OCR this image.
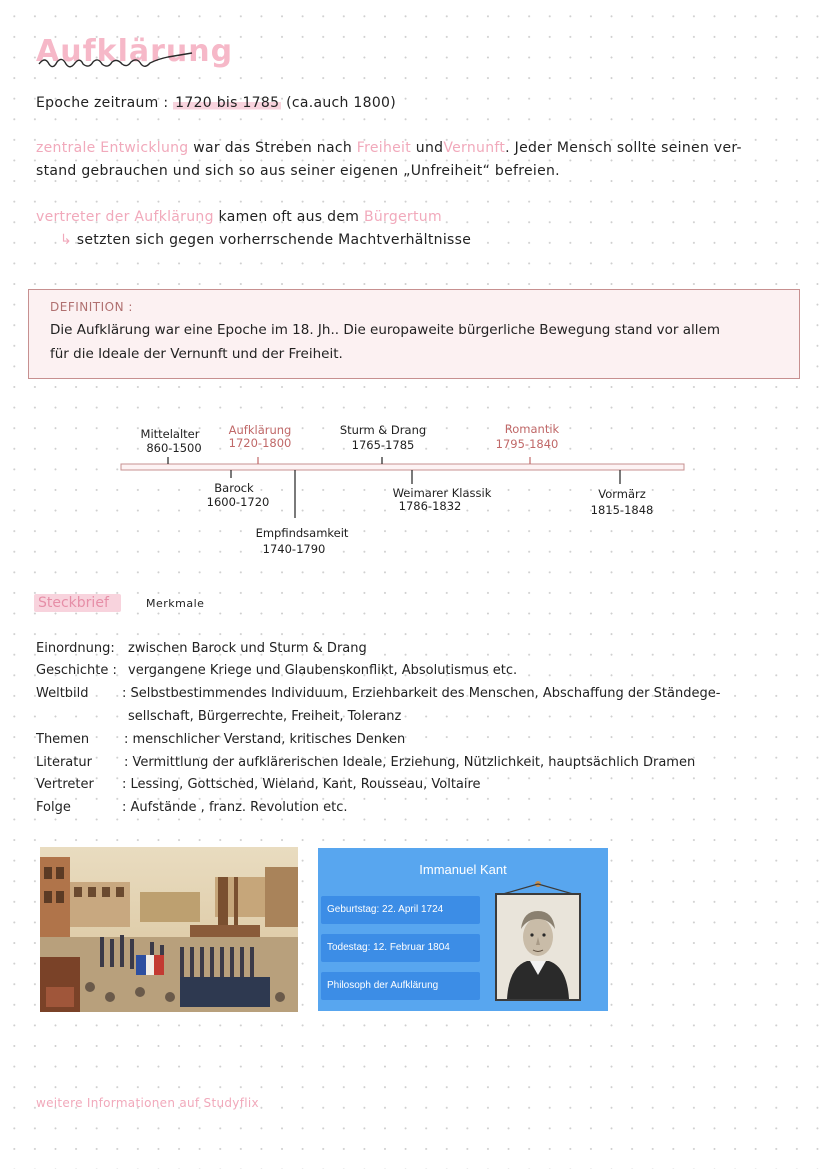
Aufklärung
Epoche zeitraum : 1720 bis 1785 (ca.auch 1800)
zentrale Entwicklung war das Streben nach Freiheit undVernunft. Jeder Mensch sollte seinen ver-
stand gebrauchen und sich so aus seiner eigenen „Unfreiheit“ befreien.
vertreter der Aufklärung kamen oft aus dem Bürgertum
↳ setzten sich gegen vorherrschende Machtverhältnisse
DEFINITION :
Die Aufklärung war eine Epoche im 18. Jh.. Die europaweite bürgerliche Bewegung stand vor allem
für die Ideale der Vernunft und der Freiheit.
Mittelalter
860-1500
Aufklärung
1720-1800
Sturm & Drang
1765-1785
Romantik
1795-1840
Barock
1600-1720
Empfindsamkeit
1740-1790
Weimarer Klassik
1786-1832
Vormärz
1815-1848
Steckbrief	Merkmale
Einordnung: zwischen Barock und Sturm & Drang
Geschichte : vergangene Kriege und Glaubenskonflikt, Absolutismus etc.
Weltbild	: Selbstbestimmendes Individuum, Erziehbarkeit des Menschen, Abschaffung der Ständege-
sellschaft, Bürgerrechte, Freiheit, Toleranz
Themen	: menschlicher Verstand, kritisches Denken
Literatur : Vermittlung der aufklärerischen Ideale, Erziehung, Nützlichkeit, hauptsächlich Dramen
Vertreter : Lessing, Gottsched, Wieland, Kant, Rousseau, Voltaire
Folge	: Aufstände , franz. Revolution etc.
Immanuel Kant
Geburtstag: 22. April 1724
Todestag: 12. Februar 1804
Philosoph der Aufklärung
weitere Informationen auf Studyflix
